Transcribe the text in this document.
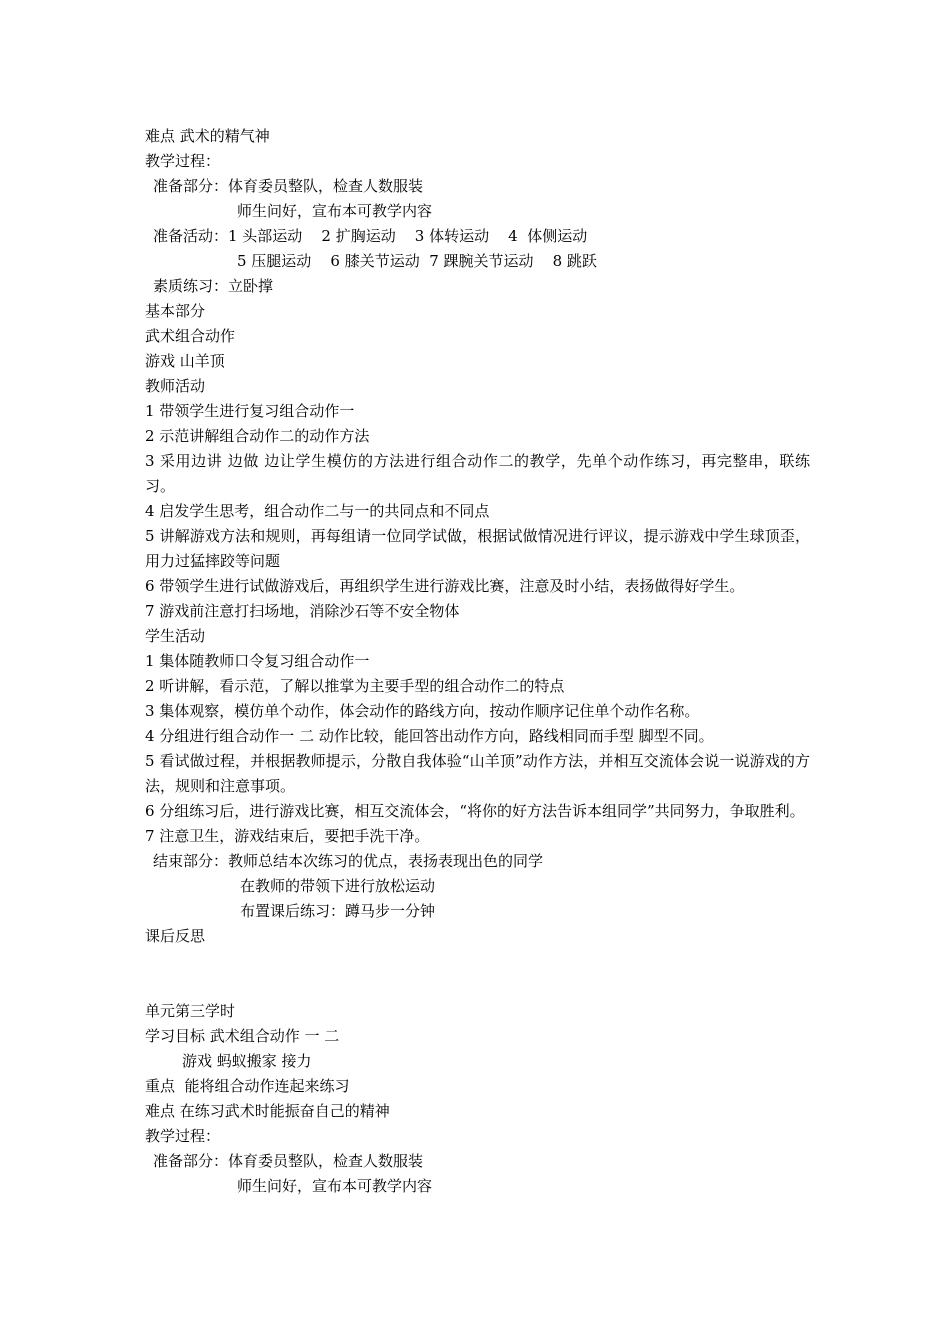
难点 武术的精气神
教学过程：
准备部分：体育委员整队，检查人数服装
师生问好，宣布本可教学内容
准备活动：1 头部运动    2 扩胸运动    3 体转运动    4  体侧运动
5 压腿运动    6 膝关节运动  7 踝腕关节运动    8 跳跃
素质练习：立卧撑
基本部分
武术组合动作
游戏 山羊顶
教师活动
1 带领学生进行复习组合动作一
2 示范讲解组合动作二的动作方法
3 采用边讲 边做 边让学生模仿的方法进行组合动作二的教学，先单个动作练习，再完整串，联练习。
4 启发学生思考，组合动作二与一的共同点和不同点
5 讲解游戏方法和规则，再每组请一位同学试做，根据试做情况进行评议，提示游戏中学生球顶歪，用力过猛摔跤等问题
6 带领学生进行试做游戏后，再组织学生进行游戏比赛，注意及时小结，表扬做得好学生。
7 游戏前注意打扫场地，消除沙石等不安全物体
学生活动
1 集体随教师口令复习组合动作一
2 听讲解，看示范，了解以推掌为主要手型的组合动作二的特点
3 集体观察，模仿单个动作，体会动作的路线方向，按动作顺序记住单个动作名称。
4 分组进行组合动作一 二 动作比较，能回答出动作方向，路线相同而手型 脚型不同。
5 看试做过程，并根据教师提示，分散自我体验“山羊顶”动作方法，并相互交流体会说一说游戏的方法，规则和注意事项。
6 分组练习后，进行游戏比赛，相互交流体会，“将你的好方法告诉本组同学”共同努力，争取胜利。
7 注意卫生，游戏结束后，要把手洗干净。
结束部分：教师总结本次练习的优点，表扬表现出色的同学
在教师的带领下进行放松运动
布置课后练习：蹲马步一分钟
课后反思
单元第三学时
学习目标 武术组合动作 一 二
游戏 蚂蚁搬家 接力
重点  能将组合动作连起来练习
难点 在练习武术时能振奋自己的精神
教学过程：
准备部分：体育委员整队，检查人数服装
师生问好，宣布本可教学内容
